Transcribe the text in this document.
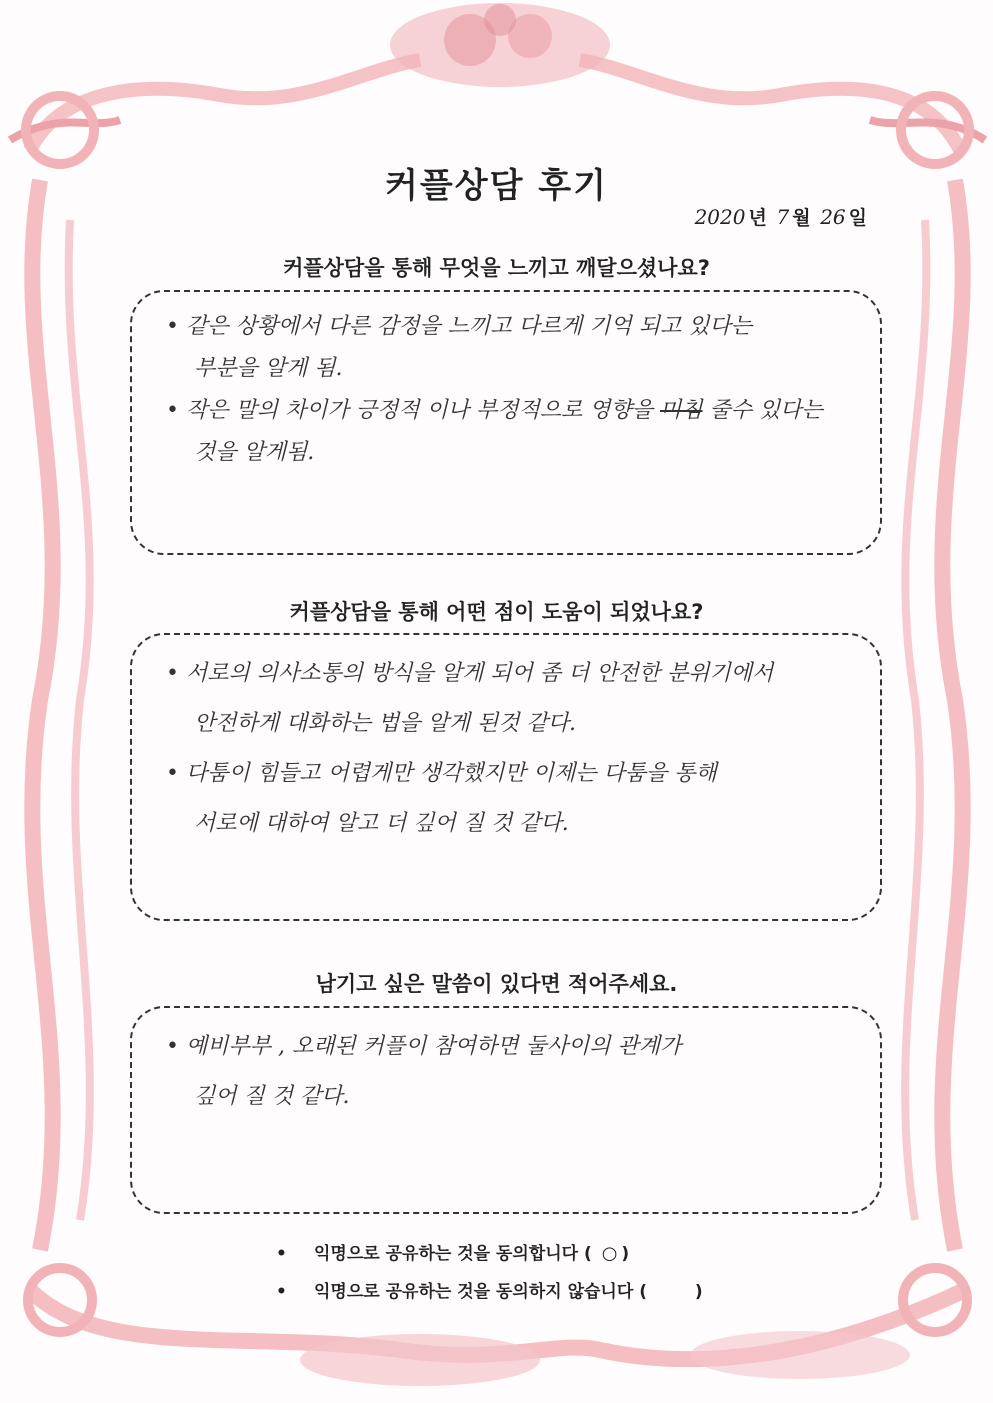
커플상담 후기
2020 년 7 월 26 일
커플상담을 통해 무엇을 느끼고 깨달으셨나요?

• 같은 상황에서 다른 감정을 느끼고 다르게 기억 되고 있다는

부분을 알게 됨.

• 작은 말의 차이가 긍정적 이나 부정적으로 영향을 미침 줄수 있다는

것을 알게됨.

커플상담을 통해 어떤 점이 도움이 되었나요?

• 서로의 의사소통의 방식을 알게 되어 좀 더 안전한 분위기에서

안전하게 대화하는 법을 알게 된것 같다.

• 다툼이 힘들고 어렵게만 생각했지만 이제는 다툼을 통해

서로에 대하여 알고 더 깊어 질 것 같다.

남기고 싶은 말씀이 있다면 적어주세요.

• 예비부부 , 오래된 커플이 참여하면 둘사이의 관계가

깊어 질 것 같다.

• 익명으로 공유하는 것을 동의합니다 ( ○ )
• 익명으로 공유하는 것을 동의하지 않습니다 (	)
